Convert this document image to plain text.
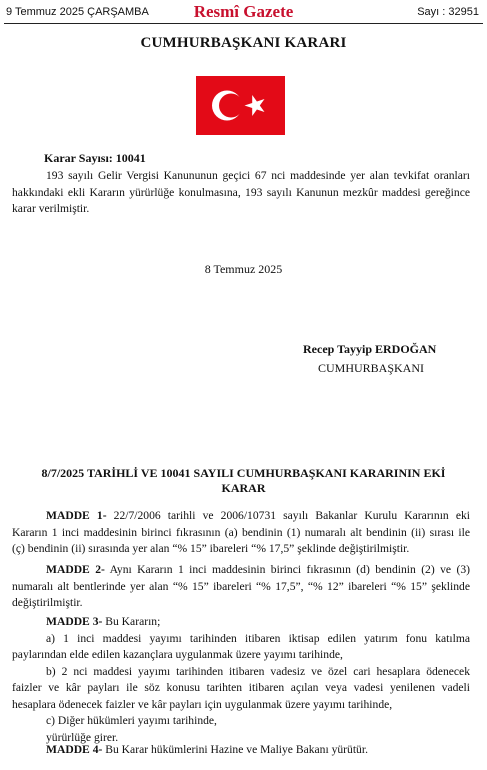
9 Temmuz 2025 ÇARŞAMBA	Resmî Gazete	Sayı : 32951
CUMHURBAŞKANI KARARI
Karar Sayısı: 10041
193 sayılı Gelir Vergisi Kanununun geçici 67 nci maddesinde yer alan tevkifat oranları
hakkındaki ekli Kararın yürürlüğe konulmasına, 193 sayılı Kanunun mezkûr maddesi gereğince
karar verilmiştir.
8 Temmuz 2025
Recep Tayyip ERDOĞAN
CUMHURBAŞKANI
8/7/2025 TARİHLİ VE 10041 SAYILI CUMHURBAŞKANI KARARININ EKİ KARAR
MADDE 1- 22/7/2006 tarihli ve 2006/10731 sayılı Bakanlar Kurulu Kararının eki
Kararın 1 inci maddesinin birinci fıkrasının (a) bendinin (1) numaralı alt bendinin (ii) sırası ile
(ç) bendinin (ii) sırasında yer alan “% 15” ibareleri “% 17,5” şeklinde değiştirilmiştir.
MADDE 2- Aynı Kararın 1 inci maddesinin birinci fıkrasının (d) bendinin (2) ve (3)
numaralı alt bentlerinde yer alan “% 15” ibareleri “% 17,5”, “% 12” ibareleri “% 15” şeklinde
değiştirilmiştir.
MADDE 3- Bu Kararın;
a) 1 inci maddesi yayımı tarihinden itibaren iktisap edilen yatırım fonu katılma
paylarından elde edilen kazançlara uygulanmak üzere yayımı tarihinde,
b) 2 nci maddesi yayımı tarihinden itibaren vadesiz ve özel cari hesaplara ödenecek
faizler ve kâr payları ile söz konusu tarihten itibaren açılan veya vadesi yenilenen vadeli
hesaplara ödenecek faizler ve kâr payları için uygulanmak üzere yayımı tarihinde,
c) Diğer hükümleri yayımı tarihinde,
yürürlüğe girer.
MADDE 4- Bu Karar hükümlerini Hazine ve Maliye Bakanı yürütür.
